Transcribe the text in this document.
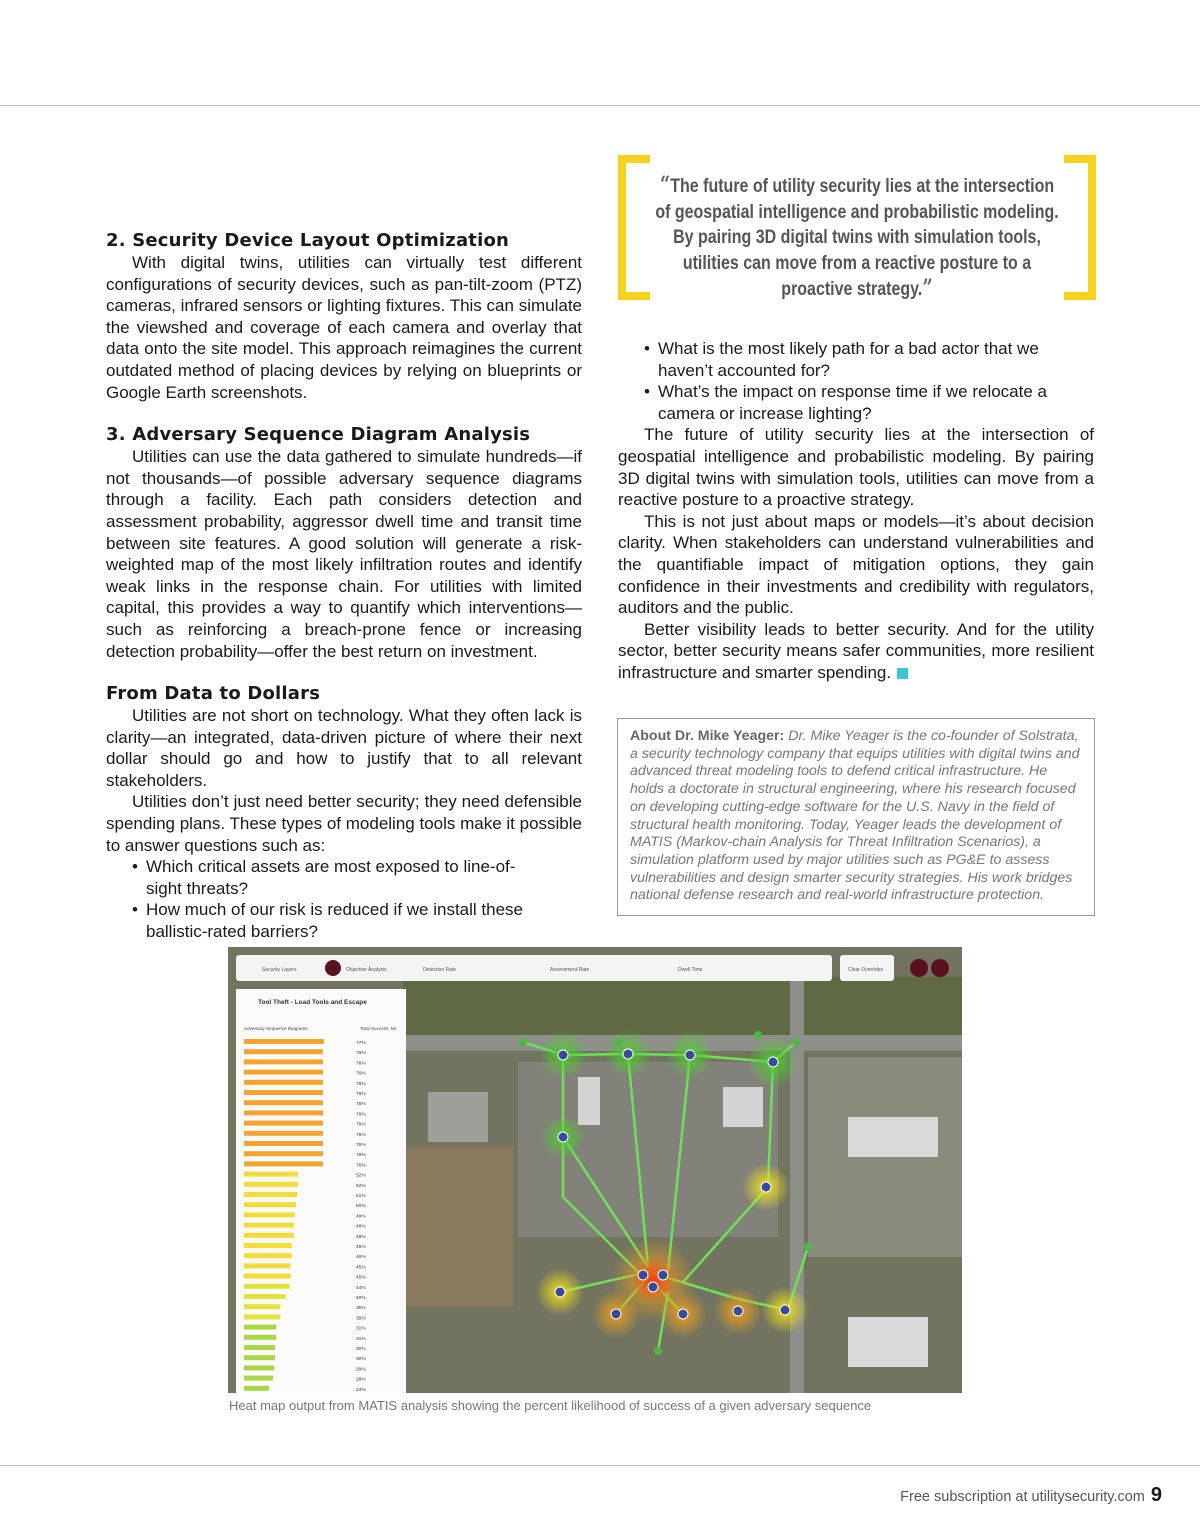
2. Security Device Layout Optimization

With digital twins, utilities can virtually test different configurations of security devices, such as pan-tilt-zoom (PTZ) cameras, infrared sensors or lighting fixtures. This can simulate the viewshed and coverage of each camera and overlay that data onto the site model. This approach reimagines the current outdated method of placing devices by relying on blueprints or Google Earth screenshots.

3. Adversary Sequence Diagram Analysis

Utilities can use the data gathered to simulate hundreds—if not thousands—of possible adversary sequence diagrams through a facility. Each path considers detection and assessment probability, aggressor dwell time and transit time between site features. A good solution will generate a risk-weighted map of the most likely infiltration routes and identify weak links in the response chain. For utilities with limited capital, this provides a way to quantify which interventions—such as reinforcing a breach-prone fence or increasing detection probability—offer the best return on investment.

From Data to Dollars

Utilities are not short on technology. What they often lack is clarity—an integrated, data-driven picture of where their next dollar should go and how to justify that to all relevant stakeholders.

Utilities don’t just need better security; they need defensible spending plans. These types of modeling tools make it possible to answer questions such as:

• Which critical assets are most exposed to line-of-sight threats?
• How much of our risk is reduced if we install these ballistic-rated barriers?
“The future of utility security lies at the intersection of geospatial intelligence and probabilistic modeling. By pairing 3D digital twins with simulation tools, utilities can move from a reactive posture to a proactive strategy.”
• What is the most likely path for a bad actor that we haven’t accounted for?
• What’s the impact on response time if we relocate a camera or increase lighting?

The future of utility security lies at the intersection of geospatial intelligence and probabilistic modeling. By pairing 3D digital twins with simulation tools, utilities can move from a reactive posture to a proactive strategy.

This is not just about maps or models—it’s about decision clarity. When stakeholders can understand vulnerabilities and the quantifiable impact of mitigation options, they gain confidence in their investments and credibility with regulators, auditors and the public.

Better visibility leads to better security. And for the utility sector, better security means safer communities, more resilient infrastructure and smarter spending.

About Dr. Mike Yeager: Dr. Mike Yeager is the co-founder of Solstrata, a security technology company that equips utilities with digital twins and advanced threat modeling tools to defend critical infrastructure. He holds a doctorate in structural engineering, where his research focused on developing cutting-edge software for the U.S. Navy in the field of structural health monitoring. Today, Yeager leads the development of MATIS (Markov-chain Analysis for Threat Infiltration Scenarios), a simulation platform used by major utilities such as PG&E to assess vulnerabilities and design smarter security strategies. His work bridges national defense research and real-world infrastructure protection.
77%
76%
76%
76%
76%
76%
76%
76%
76%
76%
76%
76%
76%
52%
52%
51%
50%
49%
48%
48%
46%
46%
45%
45%
44%
40%
35%
35%
31%
31%
30%
30%
29%
28%
24%
Tool Theft - Load Tools and Escape
Adversary Sequence Diagrams	Total Success, Mi
Security Layers	Objective Analysis	Detection Rate	Assessment Rate	Dwell Time	Clear Overrides
Heat map output from MATIS analysis showing the percent likelihood of success of a given adversary sequence
Free subscription at utilitysecurity.com 9
